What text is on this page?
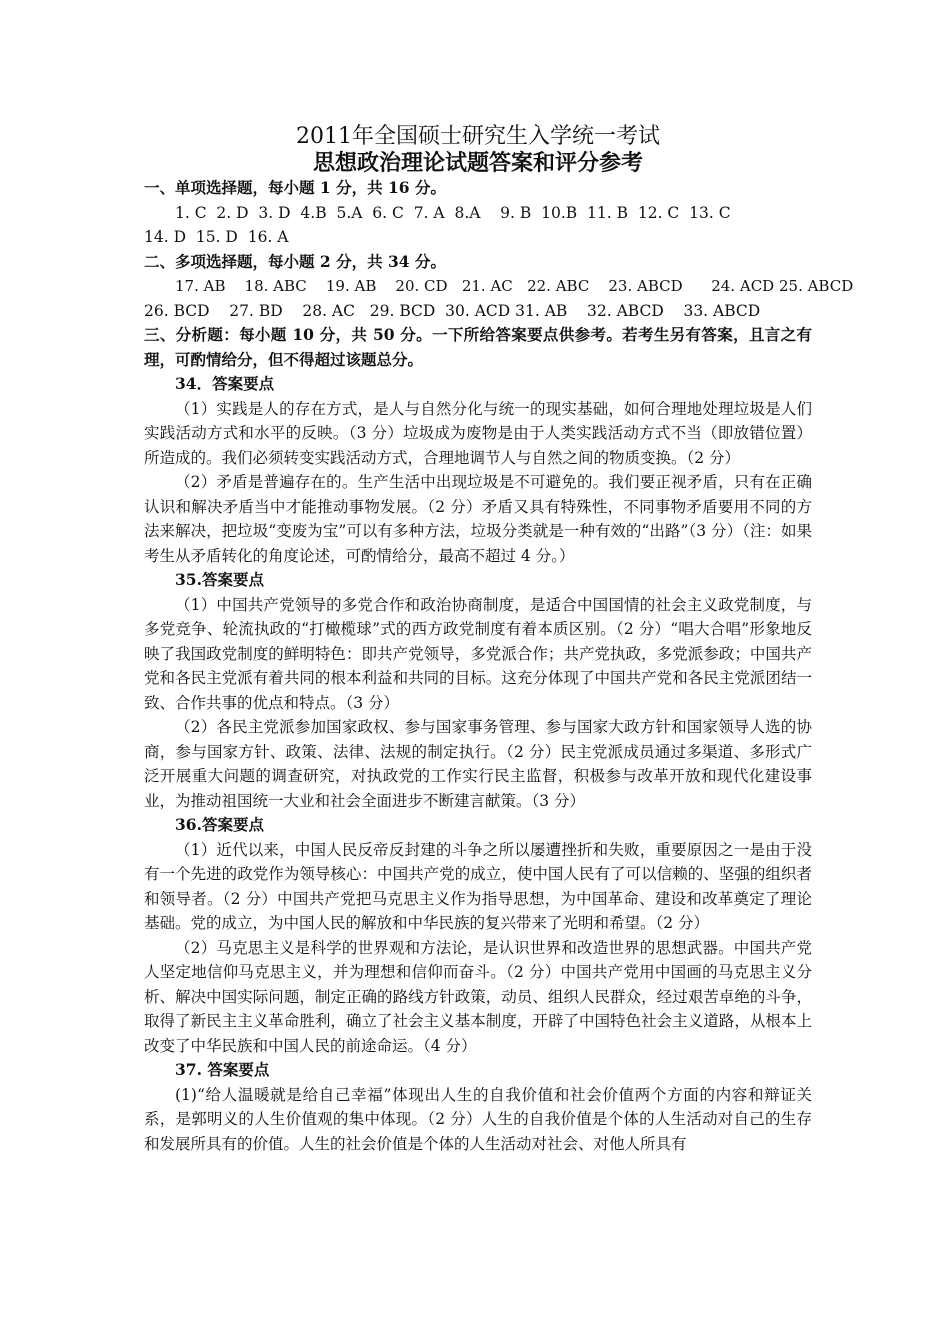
2011年全国硕士研究生入学统一考试
思想政治理论试题答案和评分参考

一、单项选择题，每小题 1 分，共 16 分。

1. C  2. D  3. D  4.B  5.A  6. C  7. A  8.A    9. B  10.B  11. B  12. C  13. C

14. D  15. D  16. A

二、多项选择题，每小题 2 分，共 34 分。

17. AB    18. ABC    19. AB    20. CD   21. AC   22. ABC    23. ABCD      24. ACD 25. ABCD

26. BCD    27. BD    28. AC   29. BCD  30. ACD 31. AB    32. ABCD    33. ABCD

三、分析题：每小题 10 分，共 50 分。一下所给答案要点供参考。若考生另有答案，且言之有理，可酌情给分，但不得超过该题总分。

34．答案要点

（1）实践是人的存在方式，是人与自然分化与统一的现实基础，如何合理地处理垃圾是人们实践活动方式和水平的反映。（3 分）垃圾成为废物是由于人类实践活动方式不当（即放错位置）所造成的。我们必须转变实践活动方式，合理地调节人与自然之间的物质变换。（2 分）

（2）矛盾是普遍存在的。生产生活中出现垃圾是不可避免的。我们要正视矛盾，只有在正确认识和解决矛盾当中才能推动事物发展。（2 分）矛盾又具有特殊性，不同事物矛盾要用不同的方法来解决，把垃圾“变废为宝”可以有多种方法，垃圾分类就是一种有效的“出路”（3 分）（注：如果考生从矛盾转化的角度论述，可酌情给分，最高不超过 4 分。）

35.答案要点

（1）中国共产党领导的多党合作和政治协商制度，是适合中国国情的社会主义政党制度，与多党竞争、轮流执政的“打橄榄球”式的西方政党制度有着本质区别。（2 分）“唱大合唱”形象地反映了我国政党制度的鲜明特色：即共产党领导，多党派合作；共产党执政，多党派参政；中国共产党和各民主党派有着共同的根本利益和共同的目标。这充分体现了中国共产党和各民主党派团结一致、合作共事的优点和特点。（3 分）

（2）各民主党派参加国家政权、参与国家事务管理、参与国家大政方针和国家领导人选的协商，参与国家方针、政策、法律、法规的制定执行。（2 分）民主党派成员通过多渠道、多形式广泛开展重大问题的调查研究，对执政党的工作实行民主监督，积极参与改革开放和现代化建设事业，为推动祖国统一大业和社会全面进步不断建言献策。（3 分）

36.答案要点

（1）近代以来，中国人民反帝反封建的斗争之所以屡遭挫折和失败，重要原因之一是由于没有一个先进的政党作为领导核心：中国共产党的成立，使中国人民有了可以信赖的、坚强的组织者和领导者。（2 分）中国共产党把马克思主义作为指导思想，为中国革命、建设和改革奠定了理论基础。党的成立，为中国人民的解放和中华民族的复兴带来了光明和希望。（2 分）

（2）马克思主义是科学的世界观和方法论，是认识世界和改造世界的思想武器。中国共产党人坚定地信仰马克思主义，并为理想和信仰而奋斗。（2 分）中国共产党用中国画的马克思主义分析、解决中国实际问题，制定正确的路线方针政策，动员、组织人民群众，经过艰苦卓绝的斗争，取得了新民主主义革命胜利，确立了社会主义基本制度，开辟了中国特色社会主义道路，从根本上改变了中华民族和中国人民的前途命运。（4 分）

37. 答案要点

(1)“给人温暖就是给自己幸福”体现出人生的自我价值和社会价值两个方面的内容和辩证关系，是郭明义的人生价值观的集中体现。（2 分）人生的自我价值是个体的人生活动对自己的生存和发展所具有的价值。人生的社会价值是个体的人生活动对社会、对他人所具有
